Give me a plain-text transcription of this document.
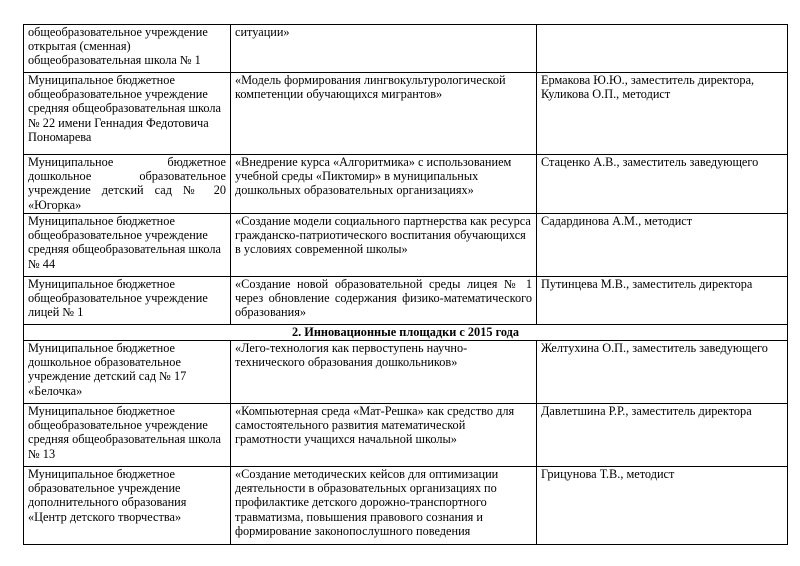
общеобразовательное учреждение открытая (сменная) общеобразовательная школа № 1	ситуации»	
Муниципальное бюджетное общеобразовательное учреждение средняя общеобразовательная школа № 22 имени Геннадия Федотовича Пономарева	«Модель формирования лингвокультурологической компетенции обучающихся мигрантов»	Ермакова Ю.Ю., заместитель директора, Куликова О.П., методист
Муниципальное бюджетное дошкольное образовательное учреждение детский сад № 20 «Югорка»	«Внедрение курса «Алгоритмика» с использованием учебной среды «Пиктомир» в муниципальных дошкольных образовательных организациях»	Стаценко А.В., заместитель заведующего
Муниципальное бюджетное общеобразовательное учреждение средняя общеобразовательная школа № 44	«Создание модели социального партнерства как ресурса гражданско-патриотического воспитания обучающихся в условиях современной школы»	Садардинова А.М., методист
Муниципальное бюджетное общеобразовательное учреждение лицей № 1	«Создание новой образовательной среды лицея № 1 через обновление содержания физико-математического образования»	Путинцева М.В., заместитель директора
2. Инновационные площадки с 2015 года		
Муниципальное бюджетное дошкольное образовательное учреждение детский сад № 17 «Белочка»	«Лего-технология как первоступень научно-технического образования дошкольников»	Желтухина О.П., заместитель заведующего
Муниципальное бюджетное общеобразовательное учреждение средняя общеобразовательная школа № 13	«Компьютерная среда «Мат-Решка» как средство для самостоятельного развития математической грамотности учащихся начальной школы»	Давлетшина Р.Р., заместитель директора
Муниципальное бюджетное образовательное учреждение дополнительного образования «Центр детского творчества»	«Создание методических кейсов для оптимизации деятельности в образовательных организациях по профилактике детского дорожно-транспортного травматизма, повышения правового сознания и формирование законопослушного поведения	Грицунова Т.В., методист
